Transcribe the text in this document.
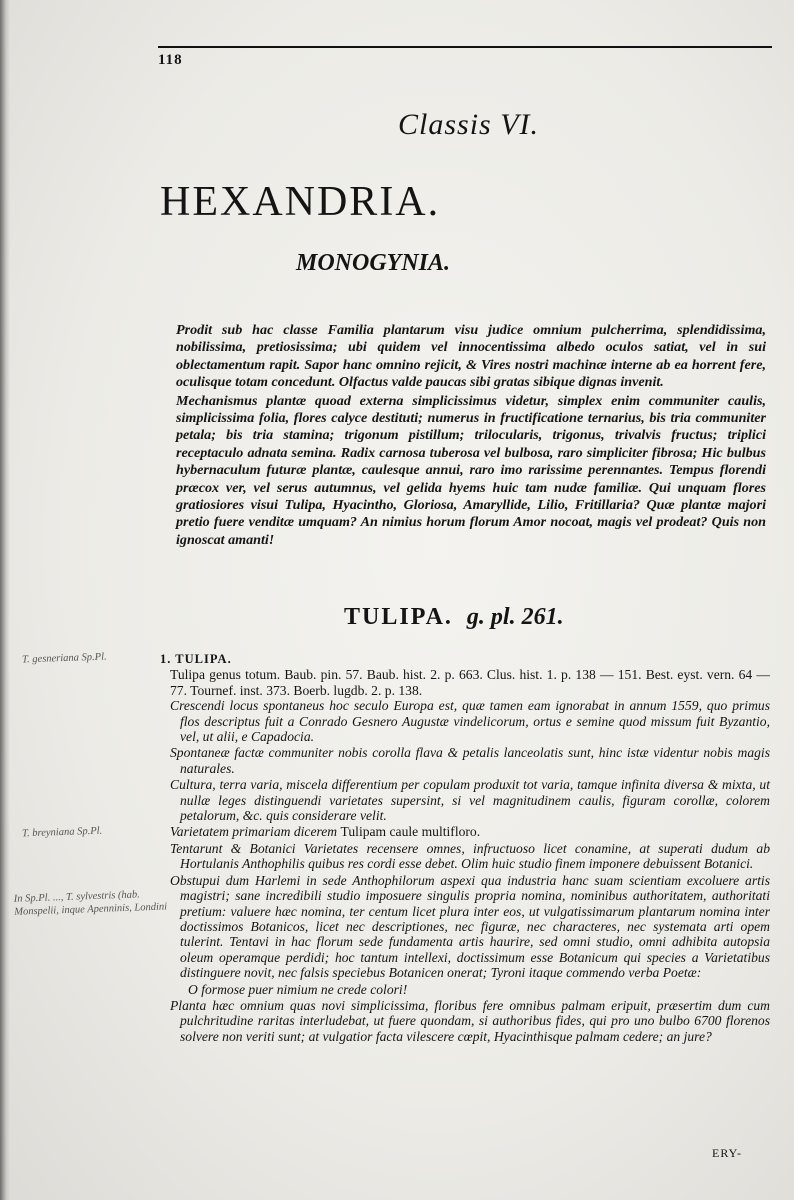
118
Classis VI.
HEXANDRIA.
MONOGYNIA.

Prodit sub hac classe Familia plantarum visu judice omnium pulcherrima, splendidissima, nobilissima, pretiosissima; ubi quidem vel innocentissima albedo oculos satiat, vel in sui oblectamentum rapit. Sapor hanc omnino rejicit, & Vires nostri machinæ interne ab ea horrent fere, oculisque totam concedunt. Olfactus valde paucas sibi gratas sibique dignas invenit.

Mechanismus plantæ quoad externa simplicissimus videtur, simplex enim communiter caulis, simplicissima folia, flores calyce destituti; numerus in fructificatione ternarius, bis tria communiter petala; bis tria stamina; trigonum pistillum; trilocularis, trigonus, trivalvis fructus; triplici receptaculo adnata semina. Radix carnosa tuberosa vel bulbosa, raro simpliciter fibrosa; Hic bulbus hybernaculum futuræ plantæ, caulesque annui, raro imo rarissime perennantes. Tempus florendi præcox ver, vel serus autumnus, vel gelida hyems huic tam nudæ familiæ. Qui unquam flores gratiosiores visui Tulipa, Hyacintho, Gloriosa, Amaryllide, Lilio, Fritillaria? Quæ plantæ majori pretio fuere venditæ umquam? An nimius horum florum Amor nocoat, magis vel prodeat? Quis non ignoscat amanti!

TULIPA. g. pl. 261.
T. gesneriana Sp.Pl.
T. breyniana Sp.Pl.
In Sp.Pl. ..., T. sylvestris (hab. Monspelii, inque Apenninis, Londini
1. TULIPA.
Tulipa genus totum. Baub. pin. 57. Baub. hist. 2. p. 663. Clus. hist. 1. p. 138 — 151. Best. eyst. vern. 64 — 77. Tournef. inst. 373. Boerb. lugdb. 2. p. 138.
Crescendi locus spontaneus hoc seculo Europa est, quæ tamen eam ignorabat in annum 1559, quo primus flos descriptus fuit a Conrado Gesnero Augustæ vindelicorum, ortus e semine quod missum fuit Byzantio, vel, ut alii, e Capadocia.
Spontaneæ factæ communiter nobis corolla flava & petalis lanceolatis sunt, hinc istæ videntur nobis magis naturales.
Cultura, terra varia, miscela differentium per copulam produxit tot varia, tamque infinita diversa & mixta, ut nullæ leges distinguendi varietates supersint, si vel magnitudinem caulis, figuram corollæ, colorem petalorum, &c. quis considerare velit.
Varietatem primariam dicerem Tulipam caule multifloro.
Tentarunt & Botanici Varietates recensere omnes, infructuoso licet conamine, at superati dudum ab Hortulanis Anthophilis quibus res cordi esse debet. Olim huic studio finem imponere debuissent Botanici.
Obstupui dum Harlemi in sede Anthophilorum aspexi qua industria hanc suam scientiam excoluere artis magistri; sane incredibili studio imposuere singulis propria nomina, nominibus authoritatem, authoritati pretium: valuere hæc nomina, ter centum licet plura inter eos, ut vulgatissimarum plantarum nomina inter doctissimos Botanicos, licet nec descriptiones, nec figuræ, nec characteres, nec systemata arti opem tulerint. Tentavi in hac florum sede fundamenta artis haurire, sed omni studio, omni adhibita autopsia oleum operamque perdidi; hoc tantum intellexi, doctissimum esse Botanicum qui species a Varietatibus distinguere novit, nec falsis speciebus Botanicen onerat; Tyroni itaque commendo verba Poetæ:
O formose puer nimium ne crede colori!
Planta hæc omnium quas novi simplicissima, floribus fere omnibus palmam eripuit, præsertim dum cum pulchritudine raritas interludebat, ut fuere quondam, si authoribus fides, qui pro uno bulbo 6700 florenos solvere non veriti sunt; at vulgatior facta vilescere cœpit, Hyacinthisque palmam cedere; an jure?
ERY-
